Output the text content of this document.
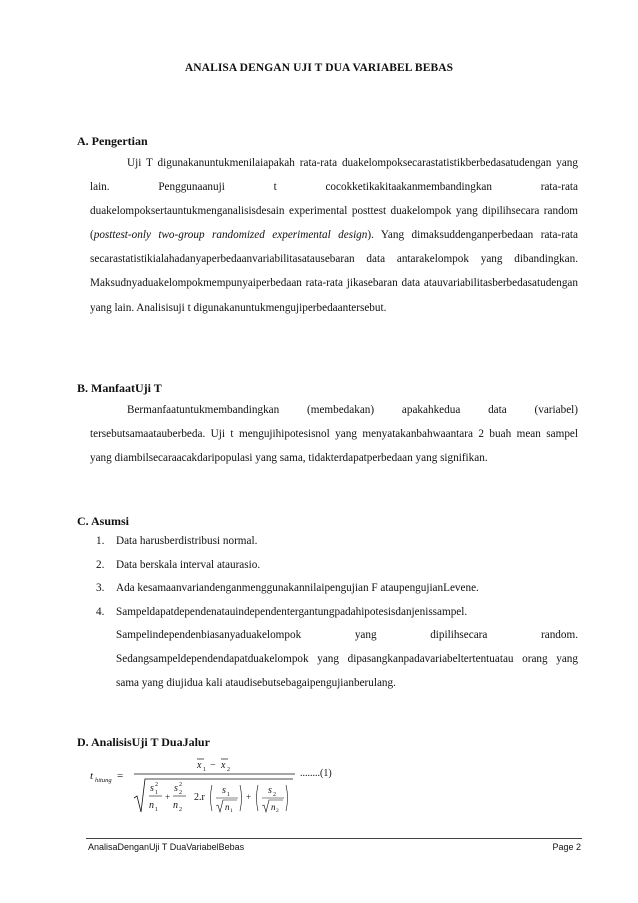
ANALISA DENGAN UJI T DUA VARIABEL BEBAS
A. Pengertian

Uji T digunakanuntukmenilaiapakah rata-rata duakelompoksecarastatistikberbedasatudengan yang lain. Penggunaanuji t cocokketikakitaakanmembandingkan rata-rata duakelompoksertauntukmenganalisisdesain experimental posttest duakelompok yang dipilihsecara random (posttest-only two-group randomized experimental design). Yang dimaksuddenganperbedaan rata-rata secarastatistikialahadanyaperbedaanvariabilitasatausebaran data antarakelompok yang dibandingkan. Maksudnyaduakelompokmempunyaiperbedaan rata-rata jikasebaran data atauvariabilitasberbedasatudengan yang lain. Analisisuji t digunakanuntukmengujiperbedaantersebut.

B. ManfaatUji T

Bermanfaatuntukmembandingkan (membedakan) apakahkedua data (variabel) tersebutsamaatauberbeda. Uji t mengujihipotesisnol yang menyatakanbahwaantara 2 buah mean sampel yang diambilsecaraacakdaripopulasi yang sama, tidakterdapatperbedaan yang signifikan.

C. Asumsi
1.	Data harusberdistribusi normal.
2.	Data berskala interval ataurasio.
3.	Ada kesamaanvariandenganmenggunakannilaipengujian F ataupengujianLevene.
4.	Sampeldapatdependenatauindependentergantungpadahipotesisdanjenissampel. Sampelindependenbiasanyaduakelompok yang dipilihsecara random. Sedangsampeldependendapatduakelompok yang dipasangkanpadavariabeltertentuatau orang yang sama yang diujidua kali ataudisebutsebagaipengujianberulang.
D. AnalisisUji T DuaJalur
t hitung =
x 1 − x 2
s 2
1
n 1
+
s 2
2
n 2
2.r
s 1
n 1
+
s 2
n 2
........(1)
AnalisaDenganUji T DuaVariabelBebas	Page 2
